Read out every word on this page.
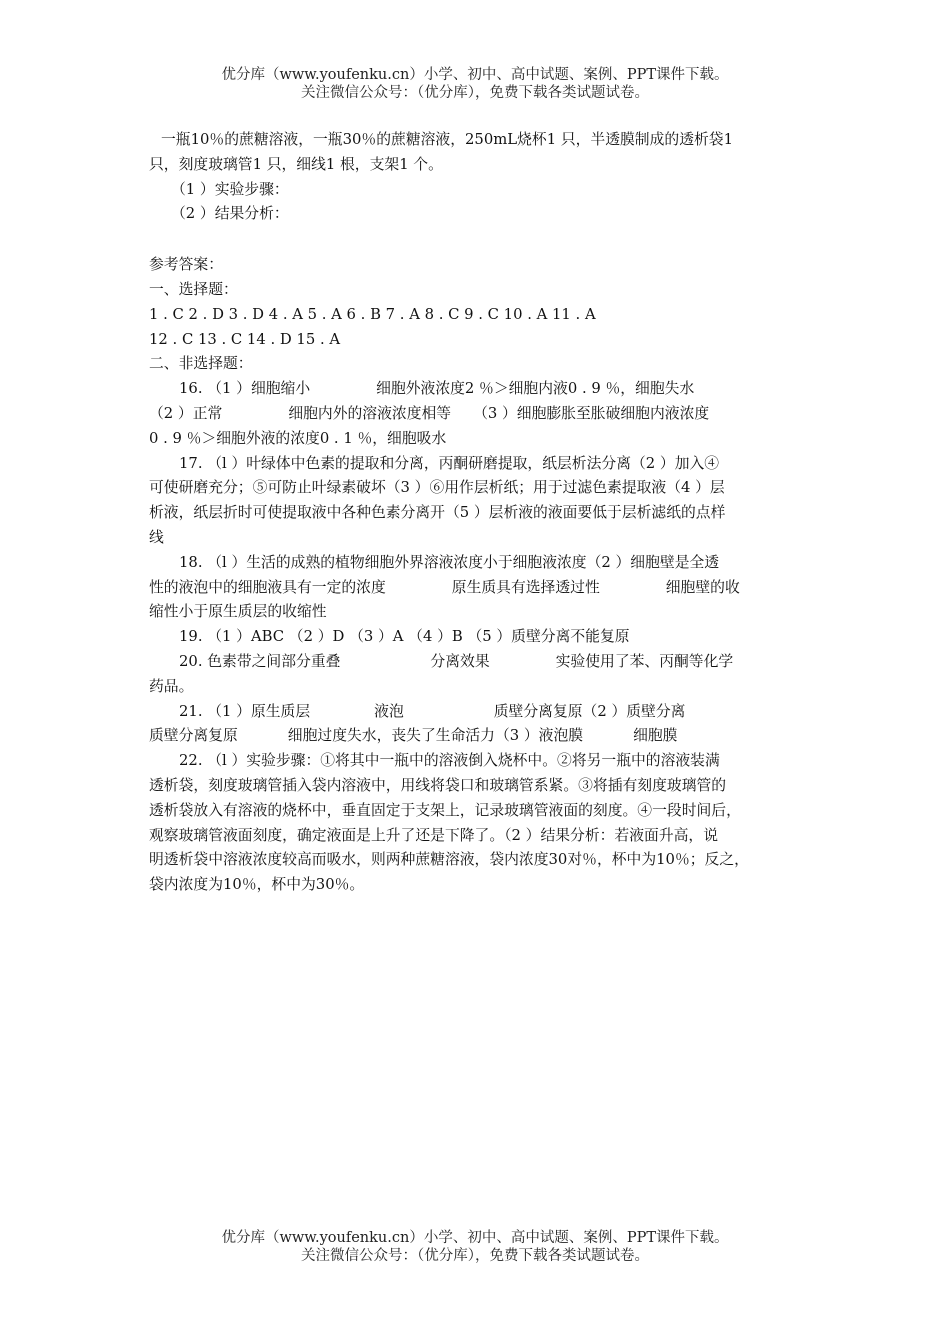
优分库（www.youfenku.cn）小学、初中、高中试题、案例、PPT课件下载。
关注微信公众号：（优分库），免费下载各类试题试卷。

一瓶10％的蔗糖溶液，一瓶30％的蔗糖溶液，250mL烧杯1 只，半透膜制成的透析袋1

只，刻度玻璃管1 只，细线1 根，支架1 个。

（1 ）实验步骤：

（2 ）结果分析：

参考答案：

一、选择题：

1 . C 2 . D 3 . D 4 . A 5 . A 6 . B 7 . A 8 . C 9 . C 10 . A 11 . A

12 . C 13 . C 14 . D 15 . A

二、非选择题：

16. （1 ）细胞缩小	细胞外液浓度2 ％＞细胞内液0 . 9 ％，细胞失水

（2 ）正常	细胞内外的溶液浓度相等 （3 ）细胞膨胀至胀破细胞内液浓度

0 . 9 ％＞细胞外液的浓度0 . 1 ％，细胞吸水

17. （l ）叶绿体中色素的提取和分离，丙酮研磨提取，纸层析法分离（2 ）加入④

可使研磨充分；⑤可防止叶绿素破坏（3 ）⑥用作层析纸；用于过滤色素提取液（4 ）层

析液，纸层折时可使提取液中各种色素分离开（5 ）层析液的液面要低于层析滤纸的点样

线

18. （l ）生活的成熟的植物细胞外界溶液浓度小于细胞液浓度（2 ）细胞壁是全透

性的液泡中的细胞液具有一定的浓度	原生质具有选择透过性	细胞壁的收

缩性小于原生质层的收缩性

19. （1 ）ABC （2 ）D （3 ）A （4 ）B （5 ）质壁分离不能复原

20. 色素带之间部分重叠	分离效果	实验使用了苯、丙酮等化学

药品。

21. （1 ）原生质层	液泡	质壁分离复原（2 ）质壁分离

质壁分离复原	细胞过度失水，丧失了生命活力（3 ）液泡膜	细胞膜

22. （l ）实验步骤：①将其中一瓶中的溶液倒入烧杯中。②将另一瓶中的溶液装满

透析袋，刻度玻璃管插入袋内溶液中，用线将袋口和玻璃管系紧。③将插有刻度玻璃管的

透析袋放入有溶液的烧杯中，垂直固定于支架上，记录玻璃管液面的刻度。④一段时间后，

观察玻璃管液面刻度，确定液面是上升了还是下降了。（2 ）结果分析：若液面升高，说

明透析袋中溶液浓度较高而吸水，则两种蔗糖溶液，袋内浓度30对％，杯中为10％；反之，

袋内浓度为10％，杯中为30％。

优分库（www.youfenku.cn）小学、初中、高中试题、案例、PPT课件下载。
关注微信公众号：（优分库），免费下载各类试题试卷。
